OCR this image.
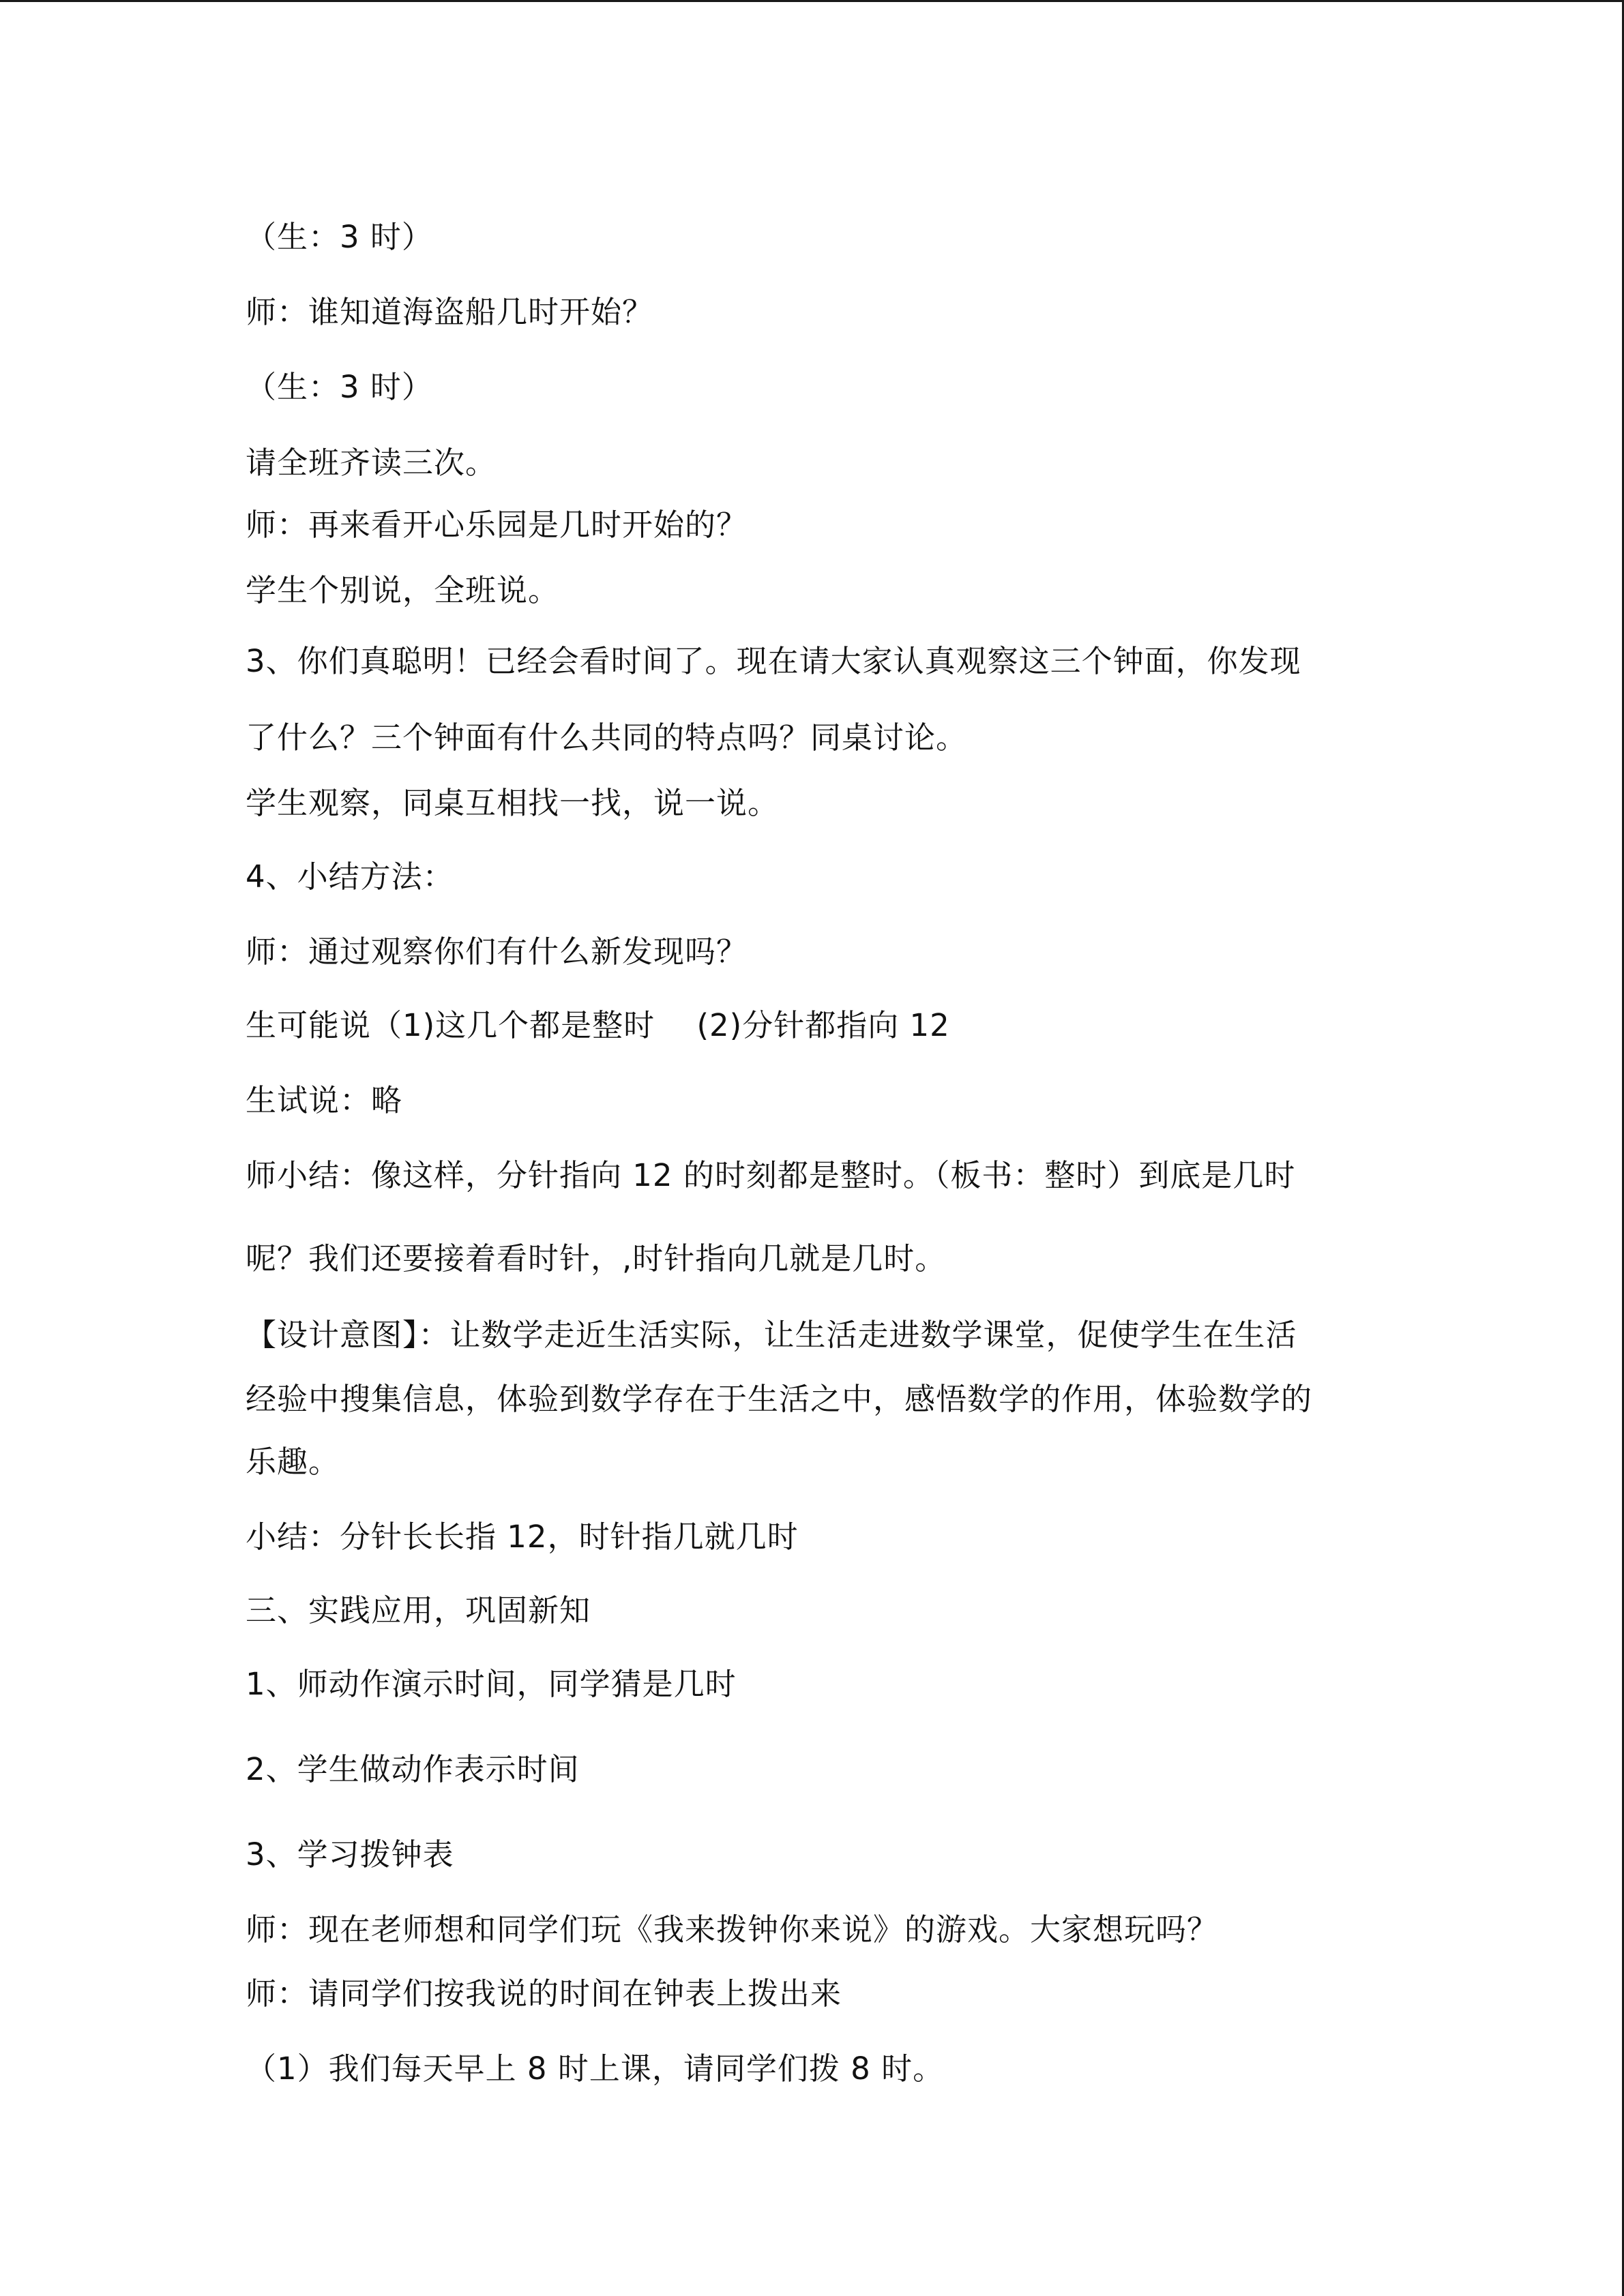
（生：3 时）
师：谁知道海盗船几时开始？
（生：3 时）
请全班齐读三次。
师：再来看开心乐园是几时开始的？
学生个别说，全班说。
3、你们真聪明！已经会看时间了。现在请大家认真观察这三个钟面，你发现
了什么？三个钟面有什么共同的特点吗？同桌讨论。
学生观察，同桌互相找一找，说一说。
4、小结方法：
师：通过观察你们有什么新发现吗？
生可能说（1)这几个都是整时　 (2)分针都指向 12
生试说：略
师小结：像这样，分针指向 12 的时刻都是整时。（板书：整时）到底是几时
呢？我们还要接着看时针，,时针指向几就是几时。
【设计意图】：让数学走近生活实际，让生活走进数学课堂，促使学生在生活
经验中搜集信息，体验到数学存在于生活之中，感悟数学的作用，体验数学的
乐趣。
小结：分针长长指 12，时针指几就几时
三、实践应用，巩固新知
1、师动作演示时间，同学猜是几时
2、学生做动作表示时间
3、学习拨钟表
师：现在老师想和同学们玩《我来拨钟你来说》的游戏。大家想玩吗？
师：请同学们按我说的时间在钟表上拨出来
（1）我们每天早上 8 时上课，请同学们拨 8 时。
